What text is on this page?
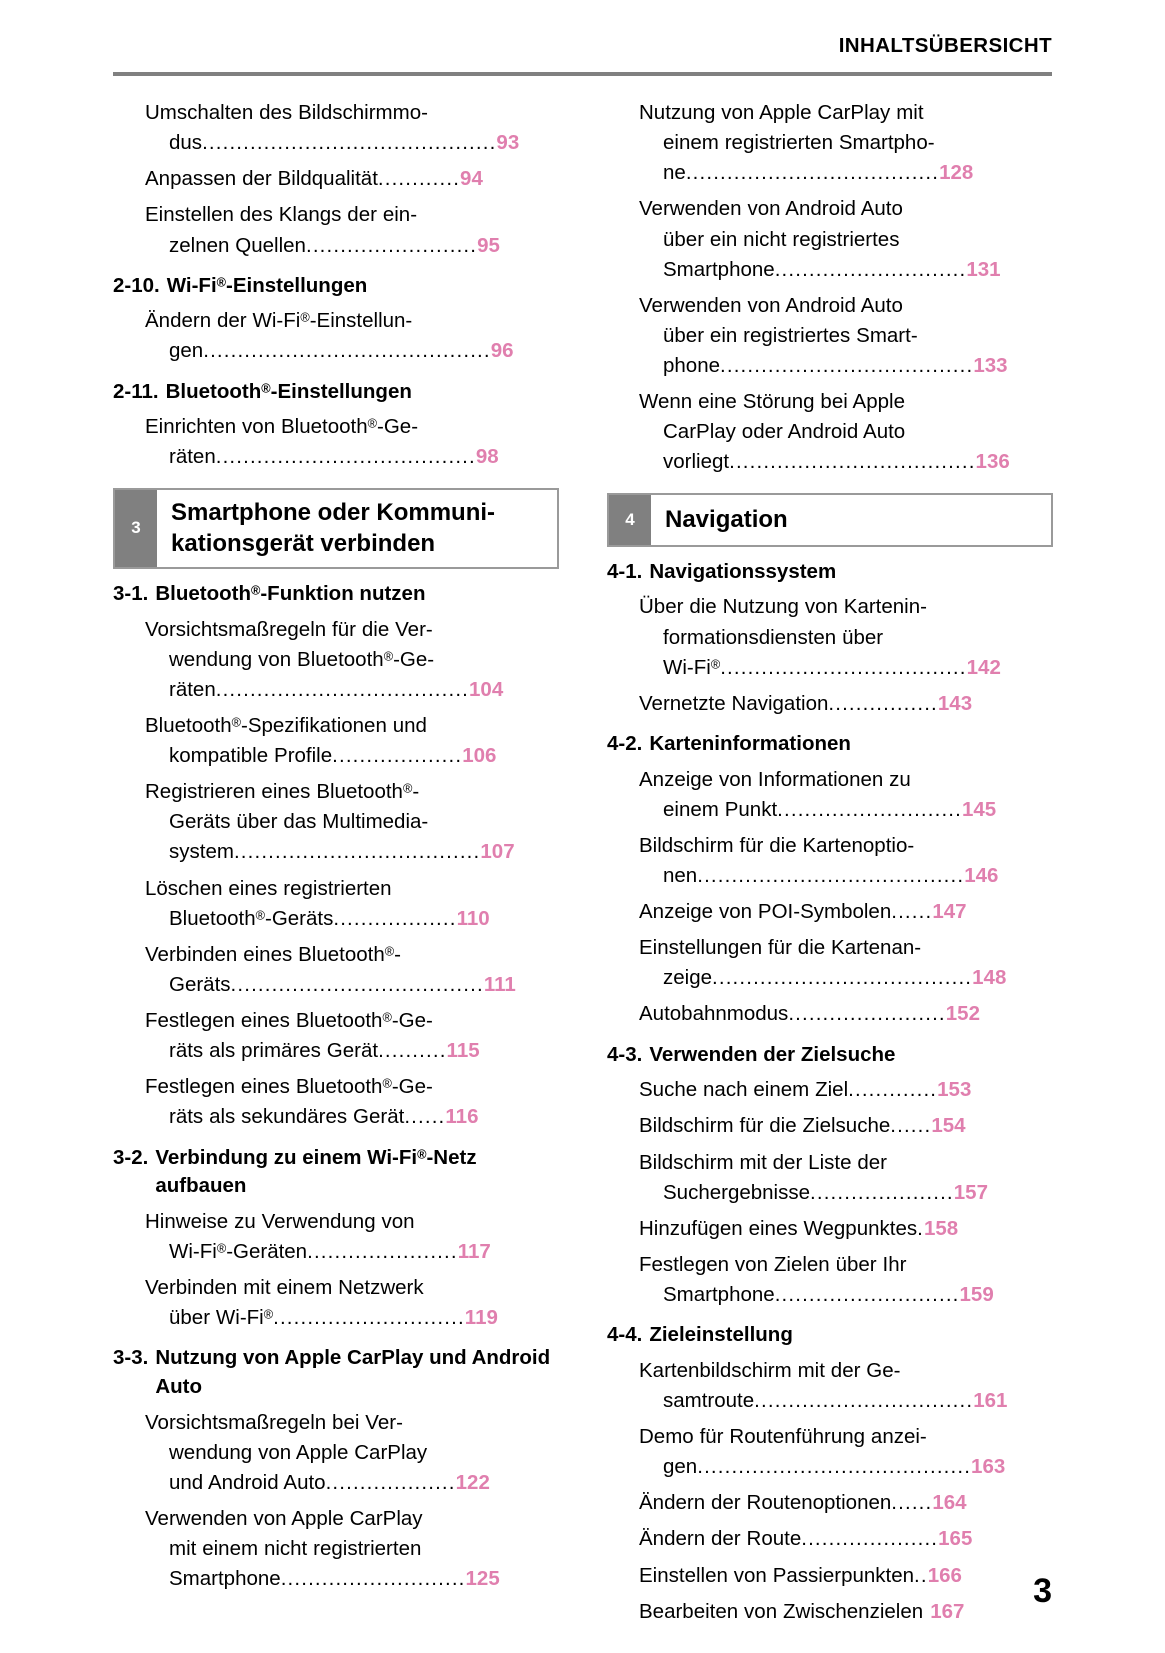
INHALTSÜBERSICHT
Umschalten des Bildschirmmo-
dus...........................................93
Anpassen der Bildqualität............94
Einstellen des Klangs der ein-
zelnen Quellen.........................95
2-10. Wi-Fi®-Einstellungen
Ändern der Wi-Fi®-Einstellun-
gen..........................................96
2-11. Bluetooth®-Einstellungen
Einrichten von Bluetooth®-Ge-
räten......................................98
3
Smartphone oder Kommuni-
kationsgerät verbinden
3-1. Bluetooth®-Funktion nutzen
Vorsichtsmaßregeln für die Ver-
wendung von Bluetooth®-Ge-
räten.....................................104
Bluetooth®-Spezifikationen und
kompatible Profile...................106
Registrieren eines Bluetooth®-
Geräts über das Multimedia-
system....................................107
Löschen eines registrierten
Bluetooth®-Geräts..................110
Verbinden eines Bluetooth®-
Geräts.....................................111
Festlegen eines Bluetooth®-Ge-
räts als primäres Gerät..........115
Festlegen eines Bluetooth®-Ge-
räts als sekundäres Gerät......116
3-2. Verbindung zu einem Wi-Fi®-Netz aufbauen
Hinweise zu Verwendung von
Wi-Fi®-Geräten......................117
Verbinden mit einem Netzwerk
über Wi-Fi®............................119
3-3. Nutzung von Apple CarPlay und Android Auto
Vorsichtsmaßregeln bei Ver-
wendung von Apple CarPlay
und Android Auto...................122
Verwenden von Apple CarPlay
mit einem nicht registrierten
Smartphone...........................125
Nutzung von Apple CarPlay mit
einem registrierten Smartpho-
ne.....................................128
Verwenden von Android Auto
über ein nicht registriertes
Smartphone............................131
Verwenden von Android Auto
über ein registriertes Smart-
phone.....................................133
Wenn eine Störung bei Apple
CarPlay oder Android Auto
vorliegt....................................136
4	Navigation
4-1. Navigationssystem
Über die Nutzung von Kartenin-
formationsdiensten über
Wi-Fi®....................................142
Vernetzte Navigation................143
4-2. Karteninformationen
Anzeige von Informationen zu
einem Punkt...........................145
Bildschirm für die Kartenoptio-
nen.......................................146
Anzeige von POI-Symbolen......147
Einstellungen für die Kartenan-
zeige......................................148
Autobahnmodus.......................152
4-3. Verwenden der Zielsuche
Suche nach einem Ziel.............153
Bildschirm für die Zielsuche......154
Bildschirm mit der Liste der
Suchergebnisse.....................157
Hinzufügen eines Wegpunktes.158
Festlegen von Zielen über Ihr
Smartphone...........................159
4-4. Zieleinstellung
Kartenbildschirm mit der Ge-
samtroute................................161
Demo für Routenführung anzei-
gen........................................163
Ändern der Routenoptionen......164
Ändern der Route....................165
Einstellen von Passierpunkten..166
Bearbeiten von Zwischenzielen 167
3
